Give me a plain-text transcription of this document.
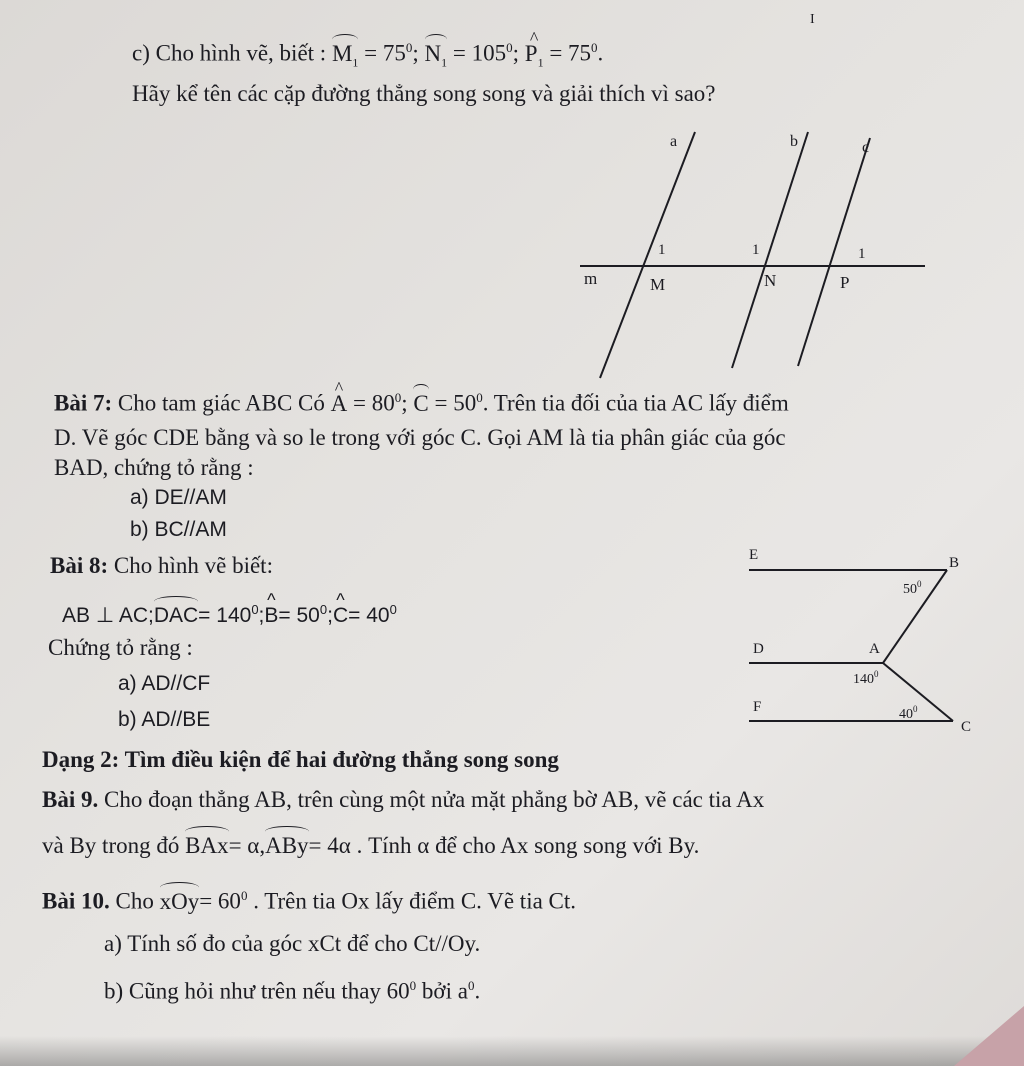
I
c) Cho hình vẽ, biết : $M_1 = 75^0$; $N_1 = 105^0$; ^ $P_1 = 75^0$.
Hãy kể tên các cặp đường thẳng song song và giải thích vì sao?
a	b	c
m	M	N	P
1	1	1
Bài 7: Cho tam giác ABC Có ^ $A = 80^0$; $C = 50^0$. Trên tia đối của tia AC lấy điểm
D. Vẽ góc CDE bằng và so le trong với góc C. Gọi AM là tia phân giác của góc
BAD, chứng tỏ rằng :
a) DE//AM
b) BC//AM
Bài 8: Cho hình vẽ biết:
AB ⊥ AC;DAC= $140^0;\^{}$ $B= 50^0;\^{}$ $C= 40^0$
Chứng tỏ rằng :
a) AD//CF
b) AD//BE
E	B
D	A
F
C
$50^0$
$140^0$
$40^0$
Dạng 2: Tìm điều kiện để hai đường thẳng song song
Bài 9. Cho đoạn thẳng AB, trên cùng một nửa mặt phẳng bờ AB, vẽ các tia Ax
và By trong đó BAx= α,ABy= 4α . Tính α để cho Ax song song với By.
Bài 10. Cho $xOy= 60^0$ . Trên tia Ox lấy điểm C. Vẽ tia Ct.
a) Tính số đo của góc xCt để cho Ct//Oy.
b) Cũng hỏi như trên nếu thay $60^0$ bởi $a^0$.
